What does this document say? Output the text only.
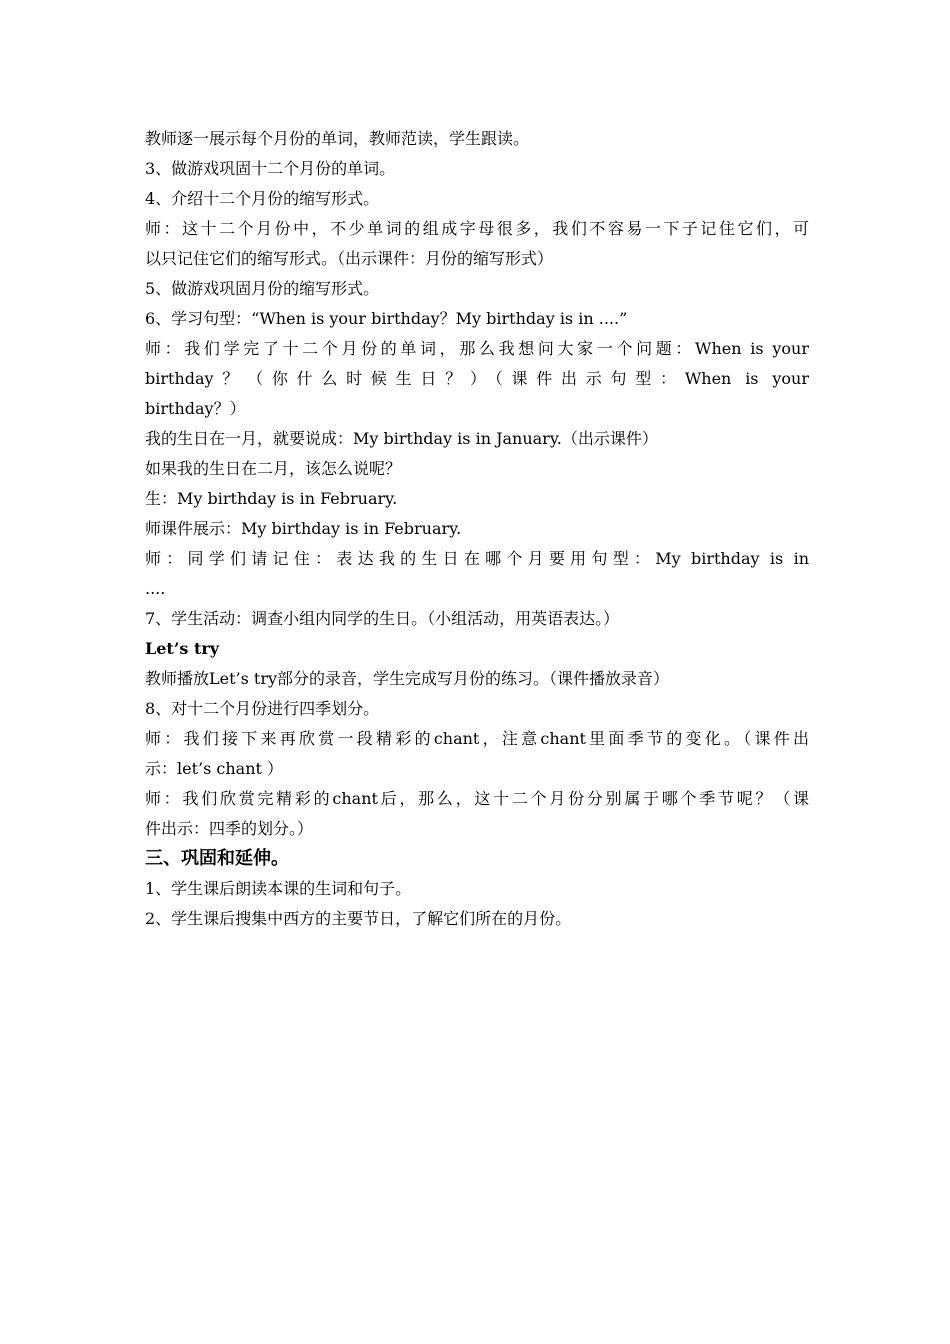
教师逐一展示每个月份的单词，教师范读，学生跟读。
3、做游戏巩固十二个月份的单词。
4、介绍十二个月份的缩写形式。
师：这十二个月份中，不少单词的组成字母很多，我们不容易一下子记住它们，可
以只记住它们的缩写形式。（出示课件：月份的缩写形式）
5、做游戏巩固月份的缩写形式。
6、学习句型：“When is your birthday？My birthday is in ....”
师：我们学完了十二个月份的单词，那么我想问大家一个问题：When is your
birthday？（你什么时候生日？）（课件出示句型：When is your
birthday？）
我的生日在一月，就要说成：My birthday is in January.（出示课件）
如果我的生日在二月，该怎么说呢？
生：My birthday is in February.
师课件展示：My birthday is in February.
师：同学们请记住：表达我的生日在哪个月要用句型：My birthday is in
....
7、学生活动：调查小组内同学的生日。（小组活动，用英语表达。）
Let’s try
教师播放Let’s try部分的录音，学生完成写月份的练习。（课件播放录音）
8、对十二个月份进行四季划分。
师：我们接下来再欣赏一段精彩的chant，注意chant里面季节的变化。（课件出
示：let’s chant ）
师：我们欣赏完精彩的chant后，那么，这十二个月份分别属于哪个季节呢？（课
件出示：四季的划分。）
三、巩固和延伸。
1、学生课后朗读本课的生词和句子。
2、学生课后搜集中西方的主要节日，了解它们所在的月份。
